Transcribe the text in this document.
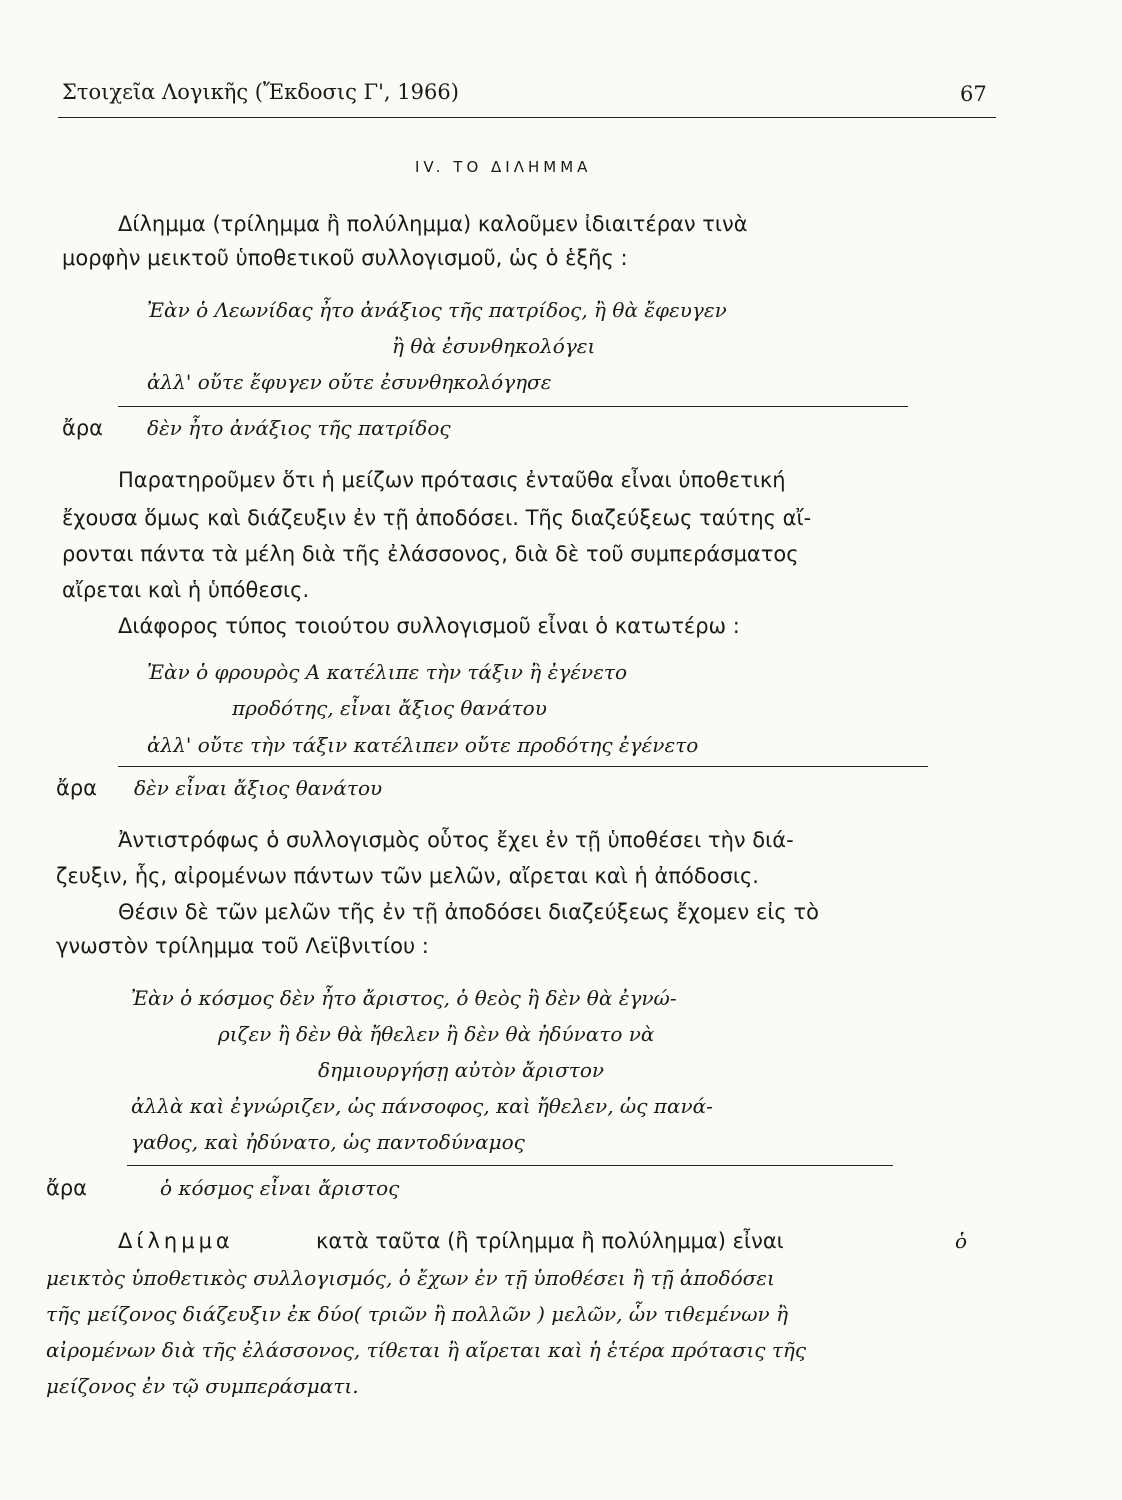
Στοιχεῖα Λογικῆς (Ἔκδοσις Γ', 1966)	67
IV. ΤΟ ΔΙΛΗΜΜΑ
Δίλημμα (τρίλημμα ἢ πολύλημμα) καλοῦμεν ἰδιαιτέραν τινὰ
μορφὴν μεικτοῦ ὑποθετικοῦ συλλογισμοῦ, ὡς ὁ ἑξῆς :
Ἐὰν ὁ Λεωνίδας ἦτο ἀνάξιος τῆς πατρίδος, ἢ θὰ ἔφευγεν
ἢ θὰ ἐσυνθηκολόγει
ἀλλ' οὔτε ἔφυγεν οὔτε ἐσυνθηκολόγησε
ἄρα δὲν ἦτο ἀνάξιος τῆς πατρίδος
Παρατηροῦμεν ὅτι ἡ μείζων πρότασις ἐνταῦθα εἶναι ὑποθετική
ἔχουσα ὅμως καὶ διάζευξιν ἐν τῇ ἀποδόσει. Τῆς διαζεύξεως ταύτης αἴ-
ρονται πάντα τὰ μέλη διὰ τῆς ἐλάσσονος, διὰ δὲ τοῦ συμπεράσματος
αἴρεται καὶ ἡ ὑπόθεσις.
Διάφορος τύπος τοιούτου συλλογισμοῦ εἶναι ὁ κατωτέρω :
Ἐὰν ὁ φρουρὸς Α κατέλιπε τὴν τάξιν ἢ ἐγένετο
προδότης, εἶναι ἄξιος θανάτου
ἀλλ' οὔτε τὴν τάξιν κατέλιπεν οὔτε προδότης ἐγένετο
ἄρα δὲν εἶναι ἄξιος θανάτου
Ἀντιστρόφως ὁ συλλογισμὸς οὗτος ἔχει ἐν τῇ ὑποθέσει τὴν διά-
ζευξιν, ἧς, αἰρομένων πάντων τῶν μελῶν, αἴρεται καὶ ἡ ἀπόδοσις.
Θέσιν δὲ τῶν μελῶν τῆς ἐν τῇ ἀποδόσει διαζεύξεως ἔχομεν εἰς τὸ
γνωστὸν τρίλημμα τοῦ Λεϊβνιτίου :
Ἐὰν ὁ κόσμος δὲν ἦτο ἄριστος, ὁ θεὸς ἢ δὲν θὰ ἐγνώ-
ριζεν ἢ δὲν θὰ ἤθελεν ἢ δὲν θὰ ἠδύνατο νὰ
δημιουργήσῃ αὐτὸν ἄριστον
ἀλλὰ καὶ ἐγνώριζεν, ὡς πάνσοφος, καὶ ἤθελεν, ὡς πανά-
γαθος, καὶ ἠδύνατο, ὡς παντοδύναμος
ἄρα	ὁ κόσμος εἶναι ἄριστος
Δίλημμα	κατὰ ταῦτα (ἢ τρίλημμα ἢ πολύλημμα) εἶναι	ὁ
μεικτὸς ὑποθετικὸς συλλογισμός, ὁ ἔχων ἐν τῇ ὑποθέσει ἢ τῇ ἀποδόσει
τῆς μείζονος διάζευξιν ἐκ δύο( τριῶν ἢ πολλῶν ) μελῶν, ὧν τιθεμένων ἢ
αἰρομένων διὰ τῆς ἐλάσσονος, τίθεται ἢ αἴρεται καὶ ἡ ἑτέρα πρότασις τῆς
μείζονος ἐν τῷ συμπεράσματι.
